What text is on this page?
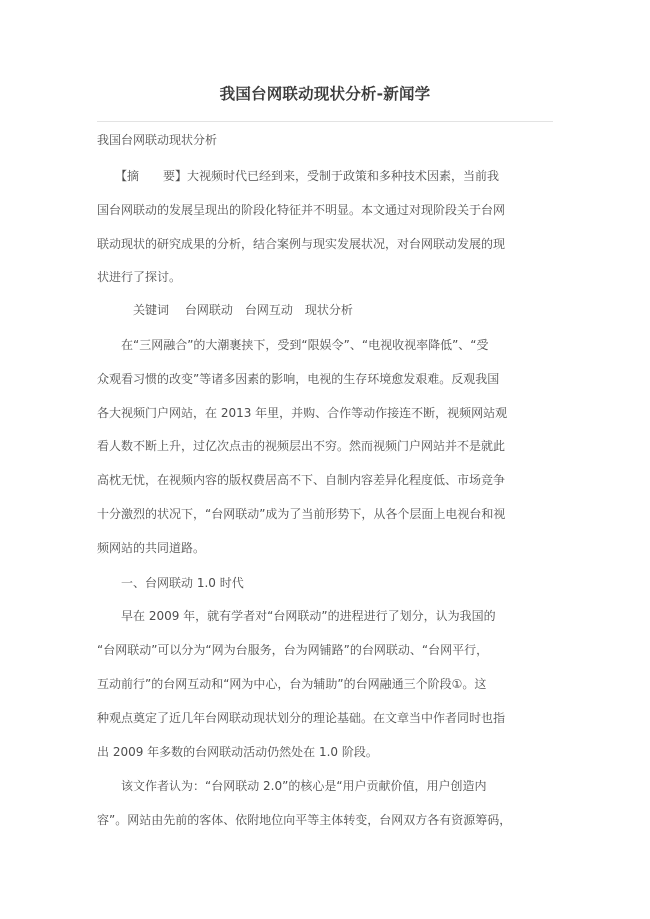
我国台网联动现状分析-新闻学
我国台网联动现状分析
　　【摘　　要】大视频时代已经到来，受制于政策和多种技术因素，当前我
国台网联动的发展呈现出的阶段化特征并不明显。本文通过对现阶段关于台网
联动现状的研究成果的分析，结合案例与现实发展状况，对台网联动发展的现
状进行了探讨。
　　　关键词　 台网联动　台网互动　现状分析
　　在“三网融合”的大潮裹挟下，受到“限娱令”、“电视收视率降低”、“受
众观看习惯的改变”等诸多因素的影响，电视的生存环境愈发艰难。反观我国
各大视频门户网站，在 2013 年里，并购、合作等动作接连不断，视频网站观
看人数不断上升，过亿次点击的视频层出不穷。然而视频门户网站并不是就此
高枕无忧，在视频内容的版权费居高不下、自制内容差异化程度低、市场竞争
十分激烈的状况下，“台网联动”成为了当前形势下，从各个层面上电视台和视
频网站的共同道路。
　　一、台网联动 1.0 时代
　　早在 2009 年，就有学者对“台网联动”的进程进行了划分，认为我国的
“台网联动”可以分为“网为台服务，台为网铺路”的台网联动、“台网平行，
互动前行”的台网互动和“网为中心，台为辅助”的台网融通三个阶段①。这
种观点奠定了近几年台网联动现状划分的理论基础。在文章当中作者同时也指
出 2009 年多数的台网联动活动仍然处在 1.0 阶段。
　　该文作者认为：“台网联动 2.0”的核心是“用户贡献价值，用户创造内
容”。网站由先前的客体、依附地位向平等主体转变，台网双方各有资源筹码，
